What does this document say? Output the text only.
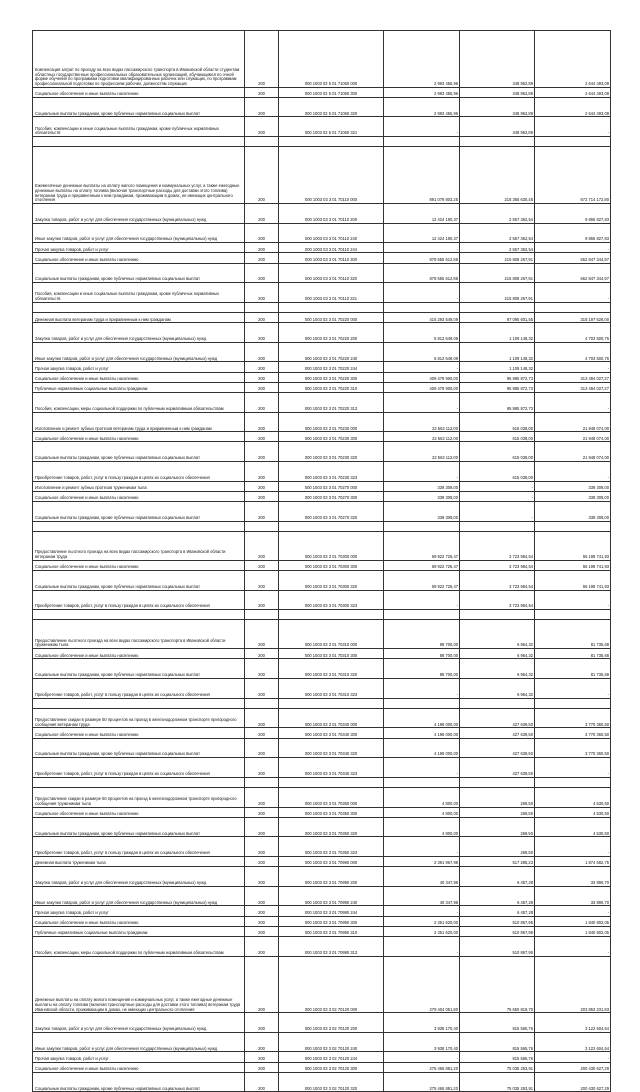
Компенсация затрат по проезду на всех видах пассажирского транспорта в Ивановской области студентам областных государственных профессиональных образовательных организаций, обучающимся по очной форме обучения по программам подготовки квалифицированных рабочих или служащих, по программам профессиональной подготовки по профессиям рабочих, должностям служащих	200	000 1003 02 5 01 71060 000	2 993 455,96	348 962,89	2 644 493,09
Социальное обеспечение и иные выплаты населению	200	000 1003 02 5 01 71060 300	2 993 455,96	348 962,89	2 644 493,09
Социальные выплаты гражданам, кроме публичных нормативных социальных выплат	200	000 1003 02 5 01 71060 320	2 993 455,96	348 962,89	2 644 493,09
Пособия, компенсации и иные социальные выплаты гражданам, кроме публичных нормативных обязательств	200	000 1003 02 5 01 71060 321	-	348 962,89	-

Ежемесячные денежные выплаты на оплату жилого помещения и коммунальных услуг, а также ежегодные денежные выплаты на оплату топлива (включая транспортные расходы для доставки этого топлива) ветеранам труда и приравненным к ним гражданам, проживающим в домах, не имеющих центрального отопления	200	000 1003 03 3 01 70110 000	891 079 803,25	218 365 630,45	672 714 172,80
Закупка товаров, работ и услуг для обеспечения государственных (муниципальных) нужд	200	000 1003 03 3 01 70110 200	12 424 190,37	2 557 362,54	9 866 827,83
Иные закупки товаров, работ и услуг для обеспечения государственных (муниципальных) нужд	200	000 1003 03 3 01 70110 240	12 424 190,37	2 557 362,54	9 866 827,83
Прочая закупка товаров, работ и услуг	200	000 1003 03 3 01 70110 244	-	2 557 362,54	-
Социальное обеспечение и иные выплаты населению	200	000 1003 03 3 01 70110 300	878 655 612,88	215 808 267,91	662 847 344,97
Социальные выплаты гражданам, кроме публичных нормативных социальных выплат	200	000 1003 03 3 01 70110 320	878 655 612,88	215 808 267,91	662 847 344,97
Пособия, компенсации и иные социальные выплаты гражданам, кроме публичных нормативных обязательств	200	000 1003 03 3 01 70110 321	-	215 808 267,91	-

Денежная выплата ветеранам труда и приравненным к ним гражданам	200	000 1003 03 3 01 70220 000	415 293 549,09	97 095 601,55	318 197 528,00
Закупка товаров, работ и услуг для обеспечения государственных (муниципальных) нужд	200	000 1003 03 3 01 70220 200	5 812 649,09	1 109 148,32	4 703 500,76
Иные закупки товаров, работ и услуг для обеспечения государственных (муниципальных) нужд	200	000 1003 03 3 01 70220 240	5 812 649,09	1 109 148,32	4 703 500,76
Прочая закупка товаров, работ и услуг	200	000 1003 03 3 01 70220 244	-	1 109 148,32	-
Социальное обеспечение и иные выплаты населению	200	000 1003 03 3 01 70220 300	409 479 900,00	95 985 872,73	313 494 027,27
Публичные нормативные социальные выплаты гражданам	200	000 1003 03 3 01 70220 310	409 479 900,00	95 985 872,73	313 494 027,27
Пособия, компенсации, меры социальной поддержки по публичным нормативным обязательствам	200	000 1003 03 3 01 70220 313	-	95 985 872,73	-
Изготовление и ремонт зубных протезов ветеранам труда и приравненным к ним гражданам	200	000 1003 03 3 01 70230 000	22 563 112,00	615 038,00	21 948 074,00
Социальное обеспечение и иные выплаты населению	200	000 1003 03 3 01 70230 300	22 563 112,00	615 038,00	21 948 074,00
Социальные выплаты гражданам, кроме публичных нормативных социальных выплат	200	000 1003 03 3 01 70230 320	22 563 112,00	615 038,00	21 948 074,00
Приобретение товаров, работ, услуг в пользу граждан в целях их социального обеспечения	200	000 1003 03 3 01 70230 323	-	615 038,00	-
Изготовление и ремонт зубных протезов труженикам тыла	200	000 1003 03 3 01 70270 000	339 309,00	-	339 309,00
Социальное обеспечение и иные выплаты населению	200	000 1003 03 3 01 70270 300	339 309,00	-	339 309,00
Социальные выплаты гражданам, кроме публичных нормативных социальных выплат	200	000 1003 03 3 01 70270 320	339 309,00	-	339 309,00

Предоставление льготного проезда на всех видах пассажирского транспорта в Ивановской области ветеранам труда	200	000 1003 03 3 01 70300 000	59 922 726,47	3 723 984,54	56 198 741,93
Социальное обеспечение и иные выплаты населению	200	000 1003 03 3 01 70300 300	59 922 726,47	3 723 984,54	56 198 741,93
Социальные выплаты гражданам, кроме публичных нормативных социальных выплат	200	000 1003 03 3 01 70300 320	59 922 726,47	3 723 984,54	56 198 741,93
Приобретение товаров, работ, услуг в пользу граждан в целях их социального обеспечения	200	000 1003 03 3 01 70300 323	-	3 723 984,54	-

Предоставление льготного проезда на всех видах пассажирского транспорта в Ивановской области труженикам тыла	200	000 1003 03 3 01 70310 000	88 700,00	6 964,32	81 735,68
Социальное обеспечение и иные выплаты населению	200	000 1003 03 3 01 70310 300	88 700,00	6 964,32	81 735,68
Социальные выплаты гражданам, кроме публичных нормативных социальных выплат	200	000 1003 03 3 01 70310 320	88 700,00	6 964,32	81 735,68
Приобретение товаров, работ, услуг в пользу граждан в целях их социального обеспечения	200	000 1003 03 3 01 70310 323	-	6 964,32	-

Предоставление скидки в размере 50 процентов на проезд в железнодорожном транспорте пригородного сообщения ветеранам труда	200	000 1003 03 3 01 70340 000	4 198 000,00	427 639,50	3 770 360,50
Социальное обеспечение и иные выплаты населению	200	000 1003 03 3 01 70340 300	4 198 000,00	427 639,50	3 770 360,50
Социальные выплаты гражданам, кроме публичных нормативных социальных выплат	200	000 1003 03 3 01 70340 320	4 198 000,00	427 639,50	3 770 360,50
Приобретение товаров, работ, услуг в пользу граждан в целях их социального обеспечения	200	000 1003 03 3 01 70340 323	-	427 639,50	-

Предоставление скидки в размере 50 процентов на проезд в железнодорожном транспорте пригородного сообщения труженикам тыла	200	000 1003 03 3 01 70350 000	4 800,00	269,50	4 530,50
Социальное обеспечение и иные выплаты населению	200	000 1003 03 3 01 70350 300	4 800,00	269,50	4 530,50
Социальные выплаты гражданам, кроме публичных нормативных социальных выплат	200	000 1003 03 3 01 70350 320	4 800,00	269,50	4 530,50
Приобретение товаров, работ, услуг в пользу граждан в целях их социального обеспечения	200	000 1003 03 3 01 70350 323	-	269,50	-
Денежная выплата труженикам тыла	200	000 1003 03 3 01 70990 000	2 391 967,98	517 285,23	1 874 682,75
Закупка товаров, работ и услуг для обеспечения государственных (муниципальных) нужд	200	000 1003 03 3 01 70990 200	40 347,98	6 457,28	33 890,70
Иные закупки товаров, работ и услуг для обеспечения государственных (муниципальных) нужд	200	000 1003 03 3 01 70990 240	40 347,98	6 457,28	33 890,70
Прочая закупка товаров, работ и услуг	200	000 1003 03 3 01 70990 244	-	6 457,28	-
Социальное обеспечение и иные выплаты населению	200	000 1003 03 3 01 70990 300	2 351 620,00	510 867,95	1 840 802,05
Публичные нормативные социальные выплаты гражданам	200	000 1003 03 3 01 70990 310	2 351 620,00	510 867,95	1 840 802,05
Пособия, компенсации, меры социальной поддержки по публичным нормативным обязательствам	200	000 1003 03 3 01 70990 313	-	510 867,95	-
Денежные выплаты на оплату жилого помещения и коммунальных услуг, а также ежегодные денежные выплаты на оплату топлива (включая транспортные расходы для доставки этого топлива) ветеранам труда Ивановской области, проживающим в домах, не имеющих центрального отопления	200	000 1003 03 3 02 70120 000	279 404 051,80	75 650 819,70	203 853 231,93
Закупка товаров, работ и услуг для обеспечения государственных (муниципальных) нужд	200	000 1003 03 3 02 70120 200	3 938 170,40	815 565,76	3 122 604,64
Иные закупки товаров, работ и услуг для обеспечения государственных (муниципальных) нужд	200	000 1003 03 3 02 70120 240	3 938 170,40	815 565,76	3 122 604,64
Прочая закупка товаров, работ и услуг	200	000 1003 03 3 02 70120 244	-	815 565,76	-
Социальное обеспечение и иные выплаты населению	200	000 1003 03 3 02 70120 300	275 465 881,20	75 035 253,91	200 430 627,29
Социальные выплаты гражданам, кроме публичных нормативных социальных выплат	200	000 1003 03 3 02 70120 320	275 465 881,20	75 035 253,91	200 430 627,29
